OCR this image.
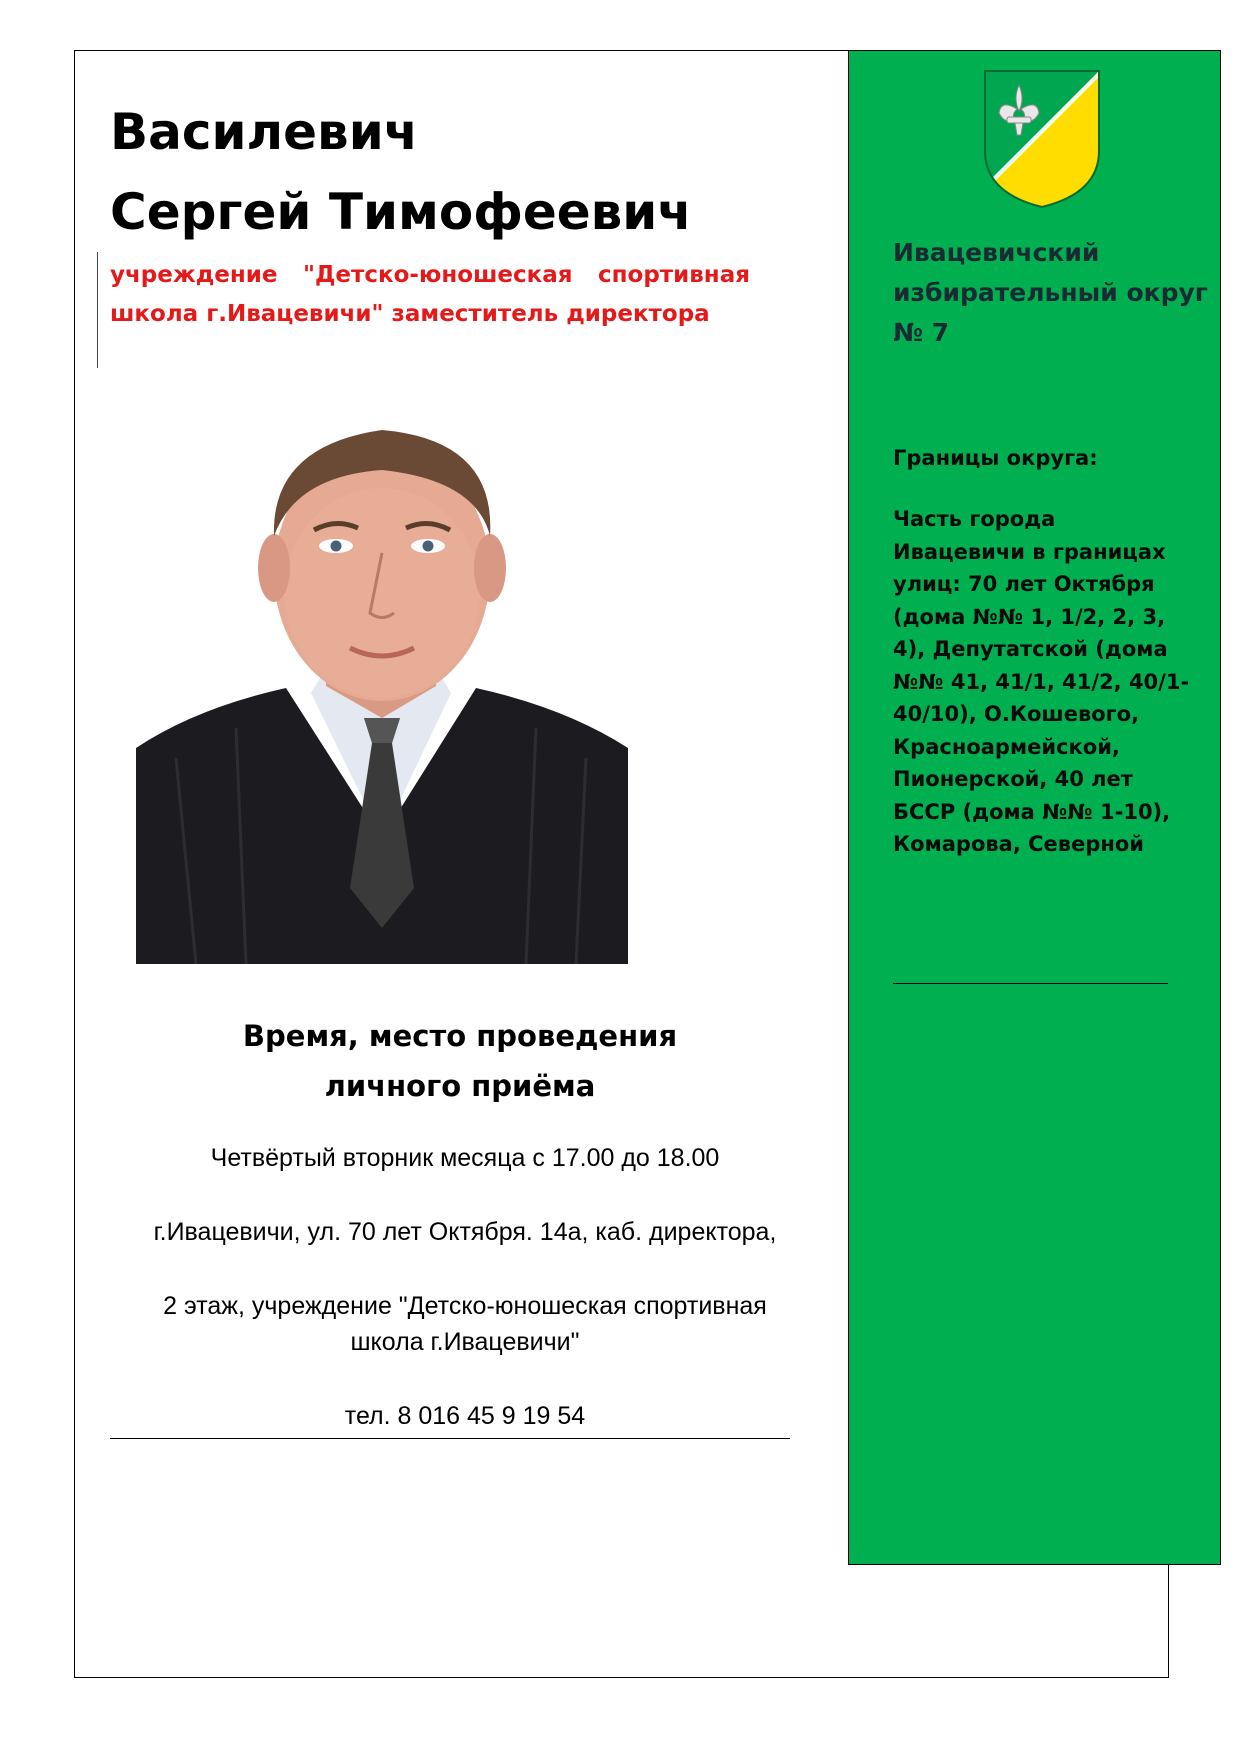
Василевич
Сергей Тимофеевич
учреждение "Детско-юношеская спортивная школа г.Ивацевичи" заместитель директора
Время, место проведения
личного приёма
Четвёртый вторник месяца с 17.00 до 18.00
г.Ивацевичи, ул. 70 лет Октября. 14а, каб. директора,
2 этаж, учреждение "Детско-юношеская спортивная
школа г.Ивацевичи"
тел. 8 016 45 9 19 54
Ивацевичский избирательный округ № 7
Границы округа:
Часть города Ивацевичи в границах улиц: 70 лет Октября (дома №№ 1, 1/2, 2, 3, 4), Депутатской (дома №№ 41, 41/1, 41/2, 40/1-40/10), О.Кошевого, Красноармейской, Пионерской, 40 лет БССР (дома №№ 1-10), Комарова, Северной
